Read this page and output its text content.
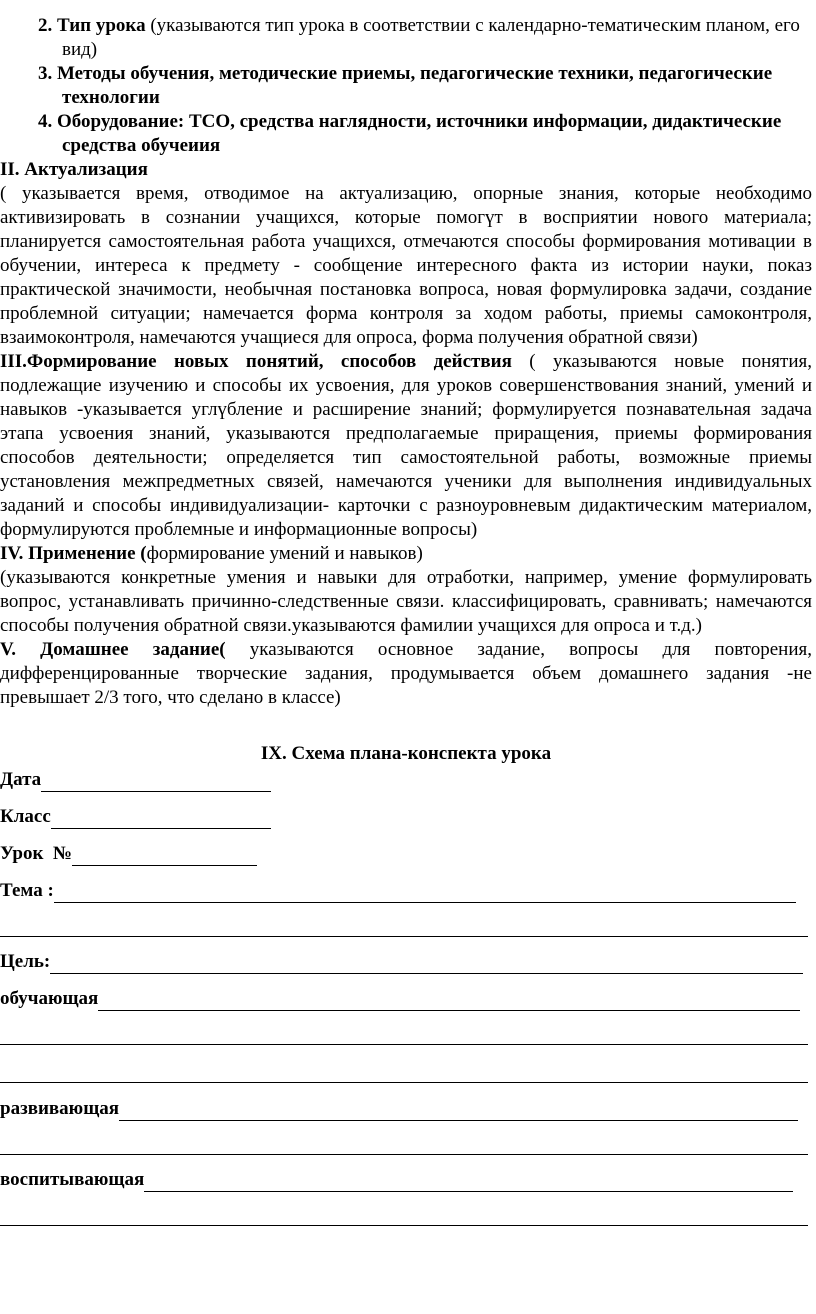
2. Тип урока (указываются тип урока в соответствии с календарно-тематическим планом, его вид)
3. Методы обучения, методические приемы, педагогические техники, педагогические технологии
4. Оборудование: ТСО, средства наглядности, источники информации, дидактические средства обучеиия
II. Актуализация
( указывается время, отводимое на актуализацию, опорные знания, которые необходимо активизировать в сознании учащихся, которые помогүт в восприятии нового материала; планируется самостоятельная работа учащихся, отмечаются способы формирования мотивации в обучении, интереса к предмету - сообщение интересного факта из истории науки, показ практической значимости, необычная постановка вопроса, новая формулировка задачи, создание проблемной ситуации; намечается форма контроля за ходом работы, приемы самоконтроля, взаимоконтроля, намечаются учащиеся для опроса, форма получения обратной связи)
III.Формирование новых понятий, способов действия ( указываются новые понятия, подлежащие изучению и способы их усвоения, для уроков совершенствования знаний, умений и навыков -указывается углүбление и расширение знаний; формулируется познавательная задача этапа усвоения знаний, указываются предполагаемые приращения, приемы формирования способов деятельности; определяется тип самостоятельной работы, возможные приемы установления межпредметных связей, намечаются ученики для выполнения индивидуальных заданий и способы индивидуализации- карточки с разноуровневым дидактическим материалом, формулируются проблемные и информационные вопросы)
IV. Применение (формирование умений и навыков)
(указываются конкретные умения и навыки для отработки, например, умение формулировать вопрос, устанавливать причинно-следственные связи. классифицировать, сравнивать; намечаются способы получения обратной связи.указываются фамилии учащихся для опроса и т.д.)
V. Домашнее задание( указываются основное задание, вопросы для повторения, дифференцированные творческие задания, продумывается объем домашнего задания -не превышает 2/3 того, что сделано в классе)
IX. Схема плана-конспекта урока
Дата
Класс
Урок  №
Тема :
Цель:
обучающая
развивающая
воспитывающая
